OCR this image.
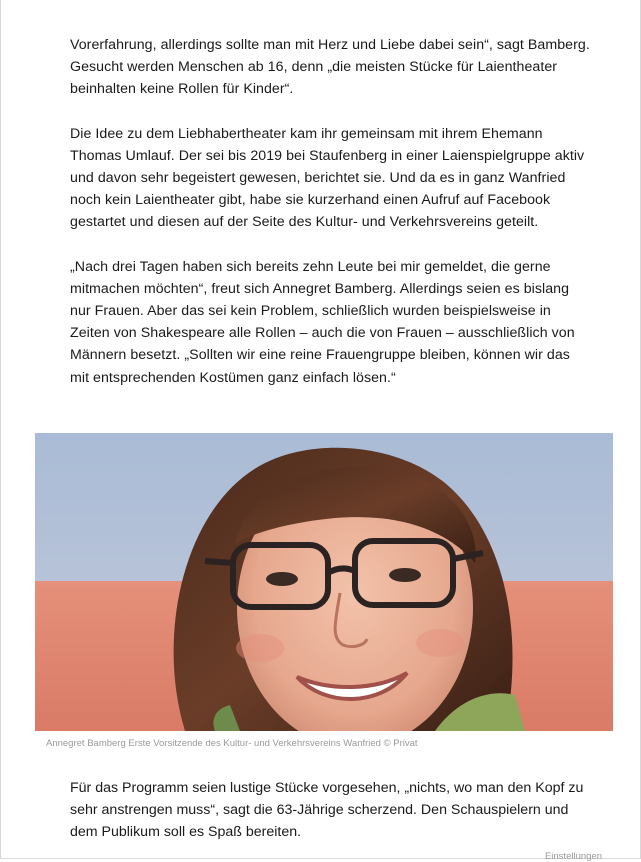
Vorerfahrung, allerdings sollte man mit Herz und Liebe dabei sein“, sagt Bamberg. Gesucht werden Menschen ab 16, denn „die meisten Stücke für Laientheater beinhalten keine Rollen für Kinder“.

Die Idee zu dem Liebhabertheater kam ihr gemeinsam mit ihrem Ehemann Thomas Umlauf. Der sei bis 2019 bei Staufenberg in einer Laienspielgruppe aktiv und davon sehr begeistert gewesen, berichtet sie. Und da es in ganz Wanfried noch kein Laientheater gibt, habe sie kurzerhand einen Aufruf auf Facebook gestartet und diesen auf der Seite des Kultur- und Verkehrsvereins geteilt.

„Nach drei Tagen haben sich bereits zehn Leute bei mir gemeldet, die gerne mitmachen möchten“, freut sich Annegret Bamberg. Allerdings seien es bislang nur Frauen. Aber das sei kein Problem, schließlich wurden beispielsweise in Zeiten von Shakespeare alle Rollen – auch die von Frauen – ausschließlich von Männern besetzt. „Sollten wir eine reine Frauengruppe bleiben, können wir das mit entsprechenden Kostümen ganz einfach lösen.“

Annegret Bamberg Erste Vorsitzende des Kultur- und Verkehrsvereins Wanfried © Privat

Für das Programm seien lustige Stücke vorgesehen, „nichts, wo man den Kopf zu sehr anstrengen muss“, sagt die 63-Jährige scherzend. Den Schauspielern und dem Publikum soll es Spaß bereiten.

Einstellungen
